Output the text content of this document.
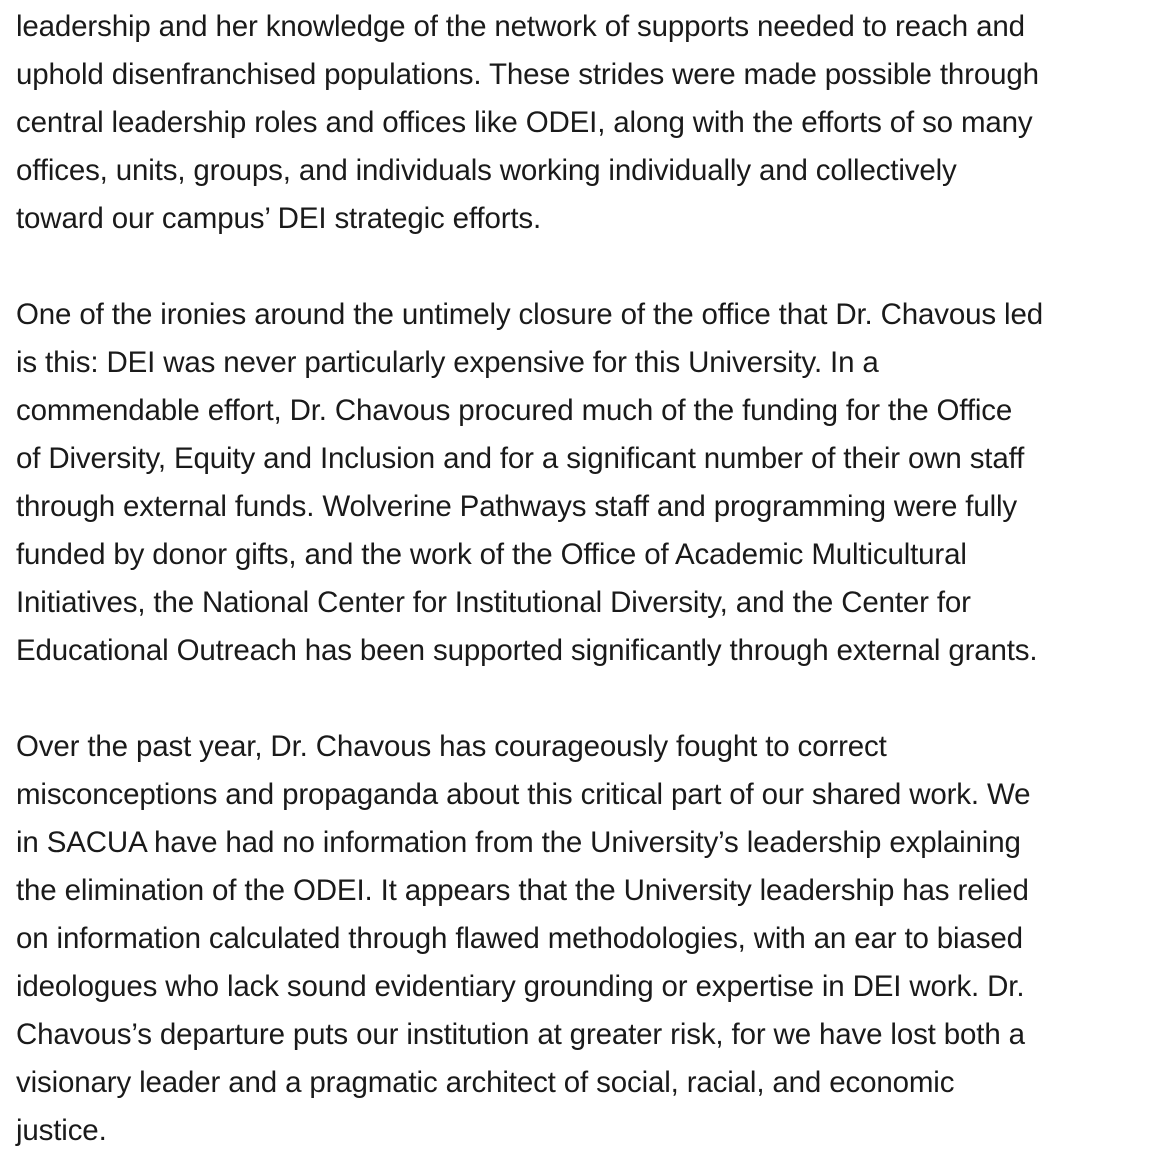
leadership and her knowledge of the network of supports needed to reach and
uphold disenfranchised populations. These strides were made possible through
central leadership roles and offices like ODEI, along with the efforts of so many
offices, units, groups, and individuals working individually and collectively
toward our campus’ DEI strategic efforts.
One of the ironies around the untimely closure of the office that Dr. Chavous led
is this: DEI was never particularly expensive for this University. In a
commendable effort, Dr. Chavous procured much of the funding for the Office
of Diversity, Equity and Inclusion and for a significant number of their own staff
through external funds. Wolverine Pathways staff and programming were fully
funded by donor gifts, and the work of the Office of Academic Multicultural
Initiatives, the National Center for Institutional Diversity, and the Center for
Educational Outreach has been supported significantly through external grants.
Over the past year, Dr. Chavous has courageously fought to correct
misconceptions and propaganda about this critical part of our shared work. We
in SACUA have had no information from the University’s leadership explaining
the elimination of the ODEI. It appears that the University leadership has relied
on information calculated through flawed methodologies, with an ear to biased
ideologues who lack sound evidentiary grounding or expertise in DEI work. Dr.
Chavous’s departure puts our institution at greater risk, for we have lost both a
visionary leader and a pragmatic architect of social, racial, and economic
justice.
